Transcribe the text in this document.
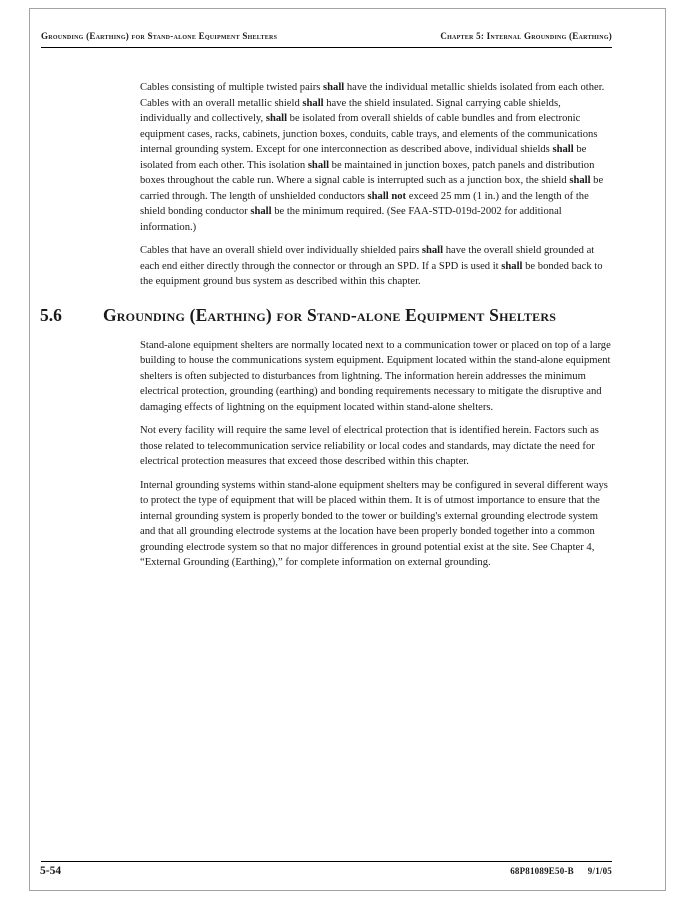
Grounding (Earthing) for Stand-alone Equipment Shelters	Chapter 5: Internal Grounding (Earthing)

Cables consisting of multiple twisted pairs shall have the individual metallic shields isolated from each other. Cables with an overall metallic shield shall have the shield insulated. Signal carrying cable shields, individually and collectively, shall be isolated from overall shields of cable bundles and from electronic equipment cases, racks, cabinets, junction boxes, conduits, cable trays, and elements of the communications internal grounding system. Except for one interconnection as described above, individual shields shall be isolated from each other. This isolation shall be maintained in junction boxes, patch panels and distribution boxes throughout the cable run. Where a signal cable is interrupted such as a junction box, the shield shall be carried through. The length of unshielded conductors shall not exceed 25 mm (1 in.) and the length of the shield bonding conductor shall be the minimum required. (See FAA-STD-019d-2002 for additional information.)

Cables that have an overall shield over individually shielded pairs shall have the overall shield grounded at each end either directly through the connector or through an SPD. If a SPD is used it shall be bonded back to the equipment ground bus system as described within this chapter.

5.6	Grounding (Earthing) for Stand-alone Equipment Shelters

Stand-alone equipment shelters are normally located next to a communication tower or placed on top of a large building to house the communications system equipment. Equipment located within the stand-alone equipment shelters is often subjected to disturbances from lightning. The information herein addresses the minimum electrical protection, grounding (earthing) and bonding requirements necessary to mitigate the disruptive and damaging effects of lightning on the equipment located within stand-alone shelters.

Not every facility will require the same level of electrical protection that is identified herein. Factors such as those related to telecommunication service reliability or local codes and standards, may dictate the need for electrical protection measures that exceed those described within this chapter.

Internal grounding systems within stand-alone equipment shelters may be configured in several different ways to protect the type of equipment that will be placed within them. It is of utmost importance to ensure that the internal grounding system is properly bonded to the tower or building's external grounding electrode system and that all grounding electrode systems at the location have been properly bonded together into a common grounding electrode system so that no major differences in ground potential exist at the site. See Chapter 4, “External Grounding (Earthing),” for complete information on external grounding.

5-54	68P81089E50-B 9/1/05
